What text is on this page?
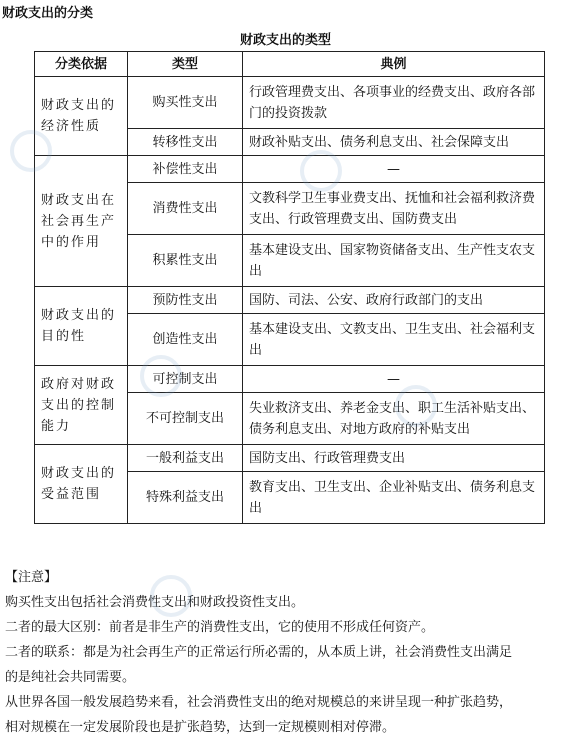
财政支出的分类
财政支出的类型
分类依据	类型	典例
财政支出的经济性质	购买性支出	行政管理费支出、各项事业的经费支出、政府各部门的投资拨款
	转移性支出	财政补贴支出、债务利息支出、社会保障支出
财政支出在社会再生产中的作用	补偿性支出	—
	消费性支出	文教科学卫生事业费支出、抚恤和社会福利救济费支出、行政管理费支出、国防费支出
	积累性支出	基本建设支出、国家物资储备支出、生产性支农支出
财政支出的目的性	预防性支出	国防、司法、公安、政府行政部门的支出
	创造性支出	基本建设支出、文教支出、卫生支出、社会福利支出
政府对财政支出的控制能力	可控制支出	—
	不可控制支出	失业救济支出、养老金支出、职工生活补贴支出、债务利息支出、对地方政府的补贴支出
财政支出的受益范围	一般利益支出	国防支出、行政管理费支出
	特殊利益支出	教育支出、卫生支出、企业补贴支出、债务利息支出
【注意】
购买性支出包括社会消费性支出和财政投资性支出。
二者的最大区别：前者是非生产的消费性支出，它的使用不形成任何资产。
二者的联系：都是为社会再生产的正常运行所必需的，从本质上讲，社会消费性支出满足
的是纯社会共同需要。
从世界各国一般发展趋势来看，社会消费性支出的绝对规模总的来讲呈现一种扩张趋势，
相对规模在一定发展阶段也是扩张趋势，达到一定规模则相对停滞。
